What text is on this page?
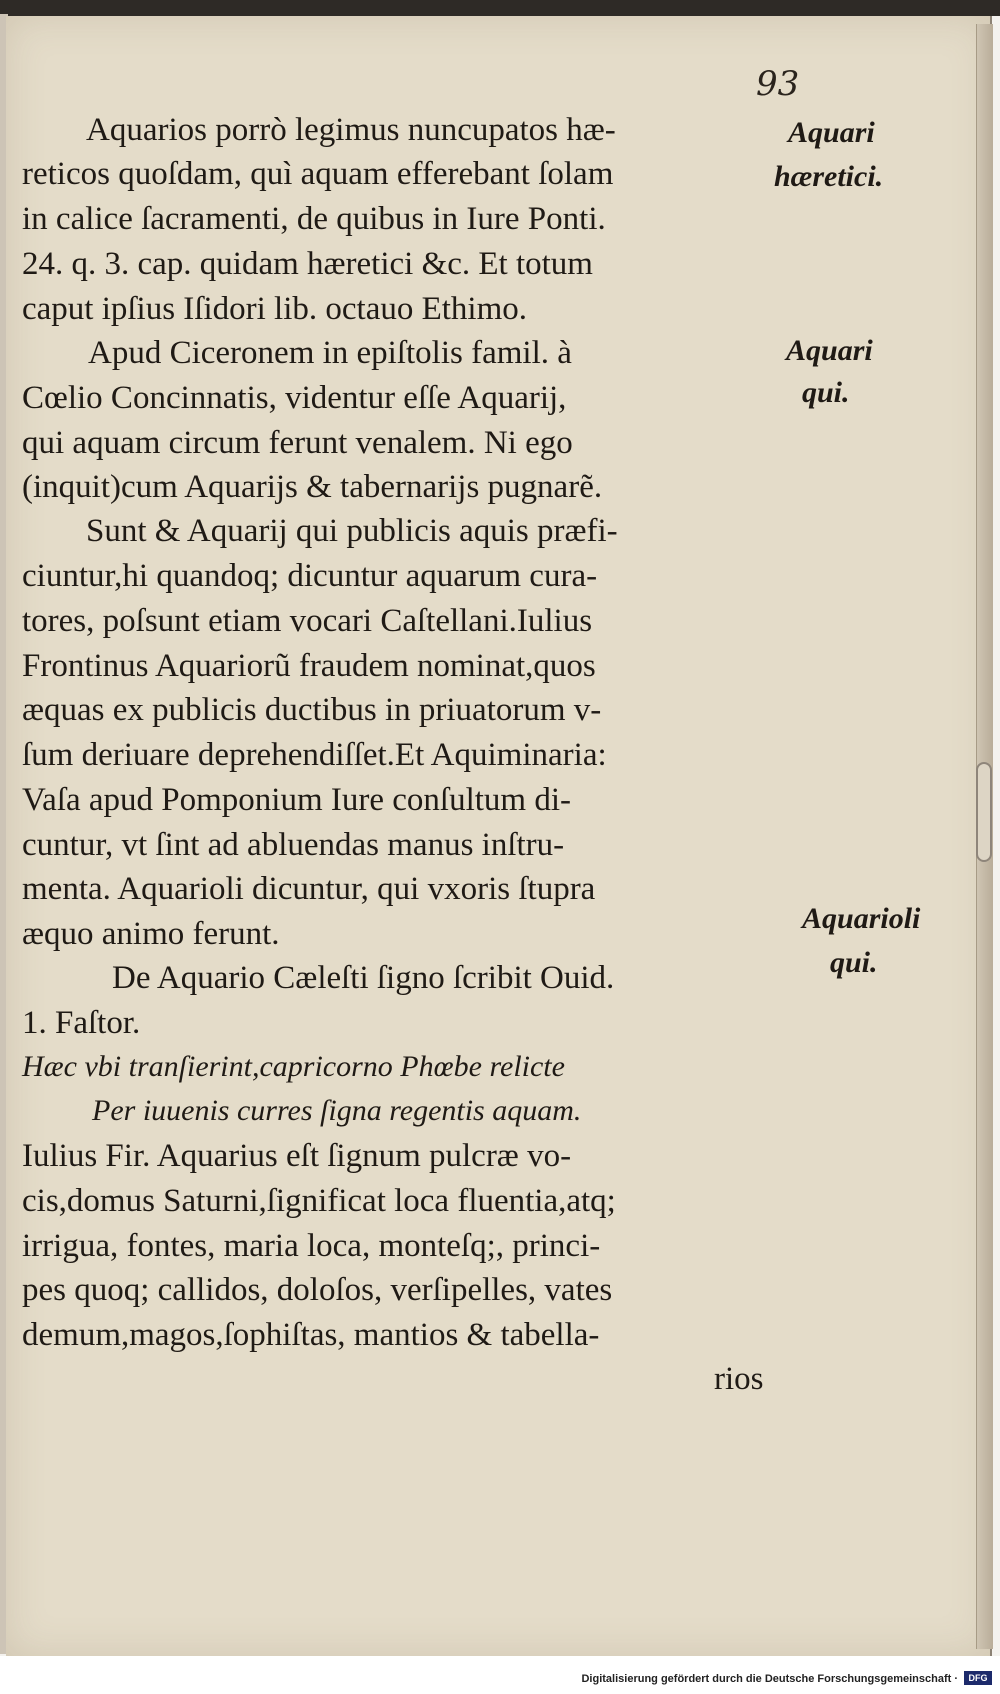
93
Aquarios porrò legimus nuncupatos hæ-
reticos quoſdam, quì aquam efferebant ſolam
in calice ſacramenti, de quibus in Iure Ponti.
24. q. 3. cap. quidam hæretici &c. Et totum
caput ipſius Iſidori lib. octauo Ethimo.
Apud Ciceronem in epiſtolis famil. à
Cœlio Concinnatis, videntur eſſe Aquarij,
qui aquam circum ferunt venalem. Ni ego
(inquit)cum Aquarijs & tabernarijs pugnarẽ.
Sunt & Aquarij qui publicis aquis præfi-
ciuntur,hi quandoq; dicuntur aquarum cura-
tores, poſsunt etiam vocari Caſtellani.Iulius
Frontinus Aquariorũ fraudem nominat,quos
æquas ex publicis ductibus in priuatorum v-
ſum deriuare deprehendiſſet.Et Aquiminaria:
Vaſa apud Pomponium Iure conſultum di-
cuntur, vt ſint ad abluendas manus inſtru-
menta. Aquarioli dicuntur, qui vxoris ſtupra
æquo animo ferunt.
De Aquario Cæleſti ſigno ſcribit Ouid.
1. Faſtor.
Hæc vbi tranſierint,capricorno Phœbe relicte
Per iuuenis curres ſigna regentis aquam.
Iulius Fir. Aquarius eſt ſignum pulcræ vo-
cis,domus Saturni,ſignificat loca fluentia,atq;
irrigua, fontes, maria loca, monteſq;, princi-
pes quoq; callidos, doloſos, verſipelles, vates
demum,magos,ſophiſtas, mantios & tabella-
rios
Aquari
hæretici.
Aquari
qui.
Aquarioli
qui.
Digitalisierung gefördert durch die Deutsche Forschungsgemeinschaft ·	DFG
